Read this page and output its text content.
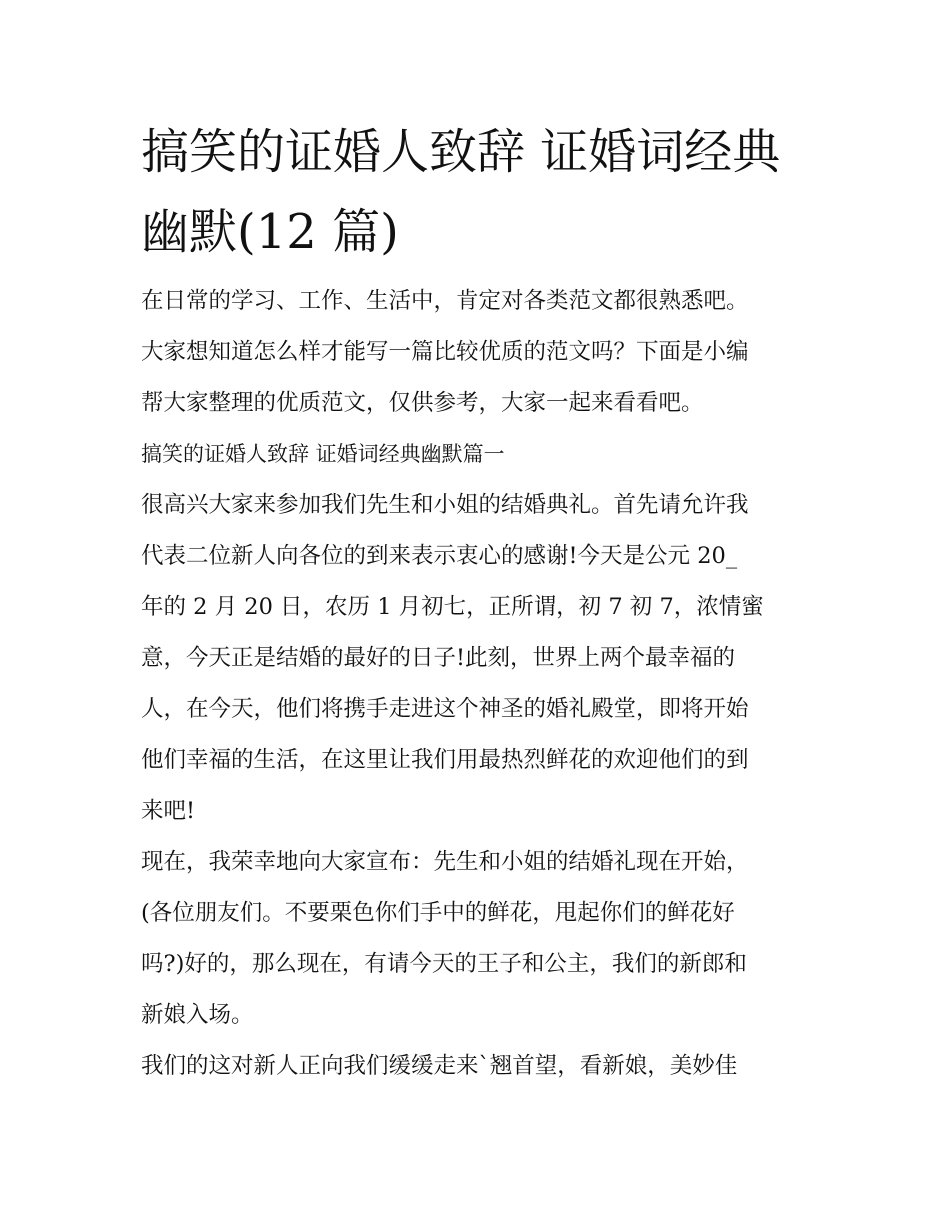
搞笑的证婚人致辞 证婚词经典
幽默(12 篇)

在日常的学习、工作、生活中，肯定对各类范文都很熟悉吧。
大家想知道怎么样才能写一篇比较优质的范文吗？下面是小编
帮大家整理的优质范文，仅供参考，大家一起来看看吧。

搞笑的证婚人致辞 证婚词经典幽默篇一

很高兴大家来参加我们先生和小姐的结婚典礼。首先请允许我
代表二位新人向各位的到来表示衷心的感谢!今天是公元 20_
年的 2 月 20 日，农历 1 月初七，正所谓，初 7 初 7，浓情蜜
意，今天正是结婚的最好的日子!此刻，世界上两个最幸福的
人，在今天，他们将携手走进这个神圣的婚礼殿堂，即将开始
他们幸福的生活，在这里让我们用最热烈鲜花的欢迎他们的到
来吧!

现在，我荣幸地向大家宣布：先生和小姐的结婚礼现在开始，
(各位朋友们。不要栗色你们手中的鲜花，甩起你们的鲜花好
吗?)好的，那么现在，有请今天的王子和公主，我们的新郎和
新娘入场。

我们的这对新人正向我们缓缓走来`翘首望，看新娘，美妙佳
